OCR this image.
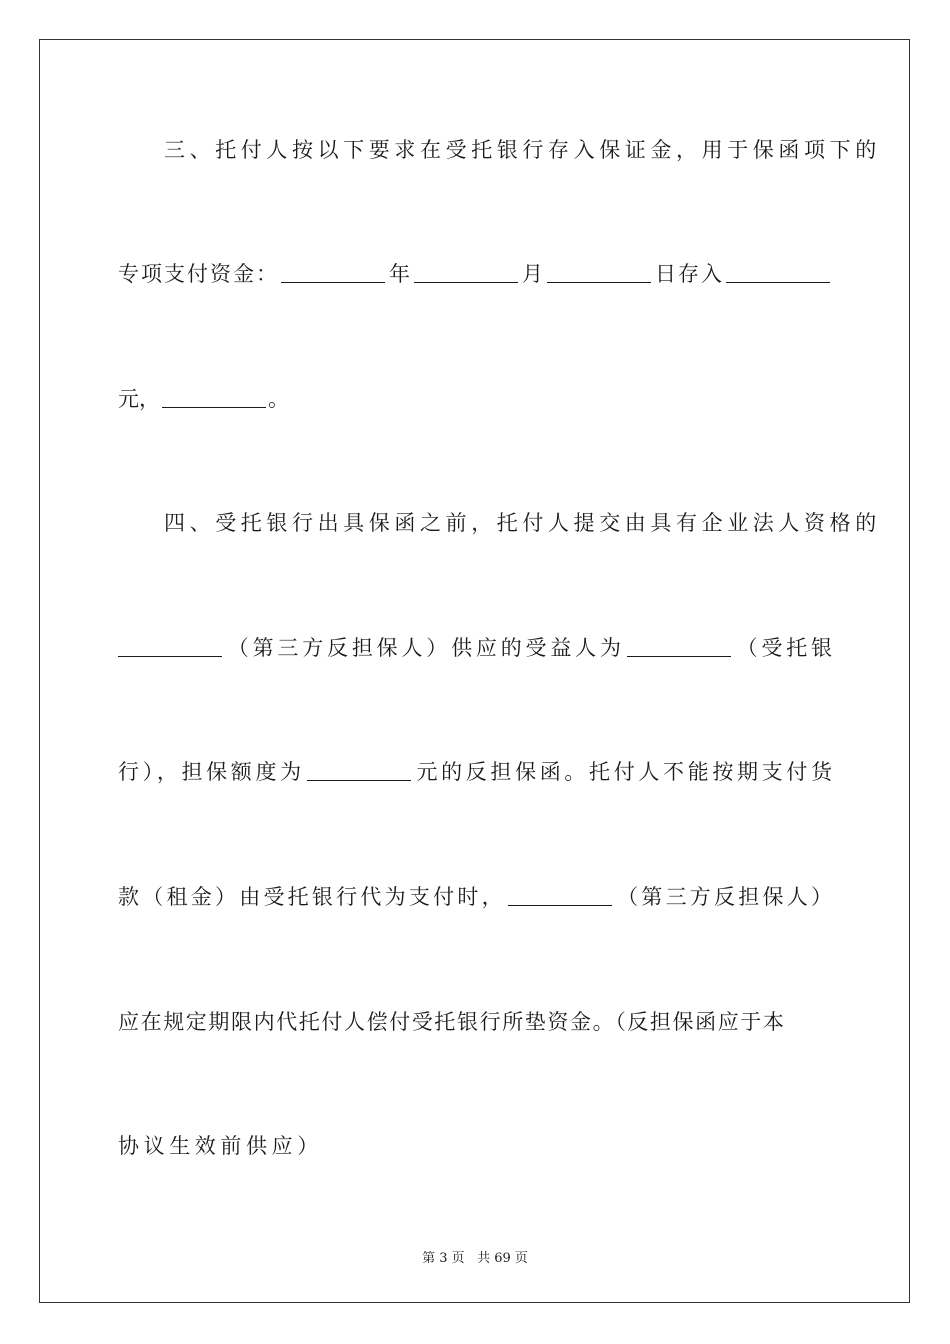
三、托付人按以下要求在受托银行存入保证金，用于保函项下的
专项支付资金：	年	月	日存入
元，	。
四、受托银行出具保函之前，托付人提交由具有企业法人资格的
（第三方反担保人）供应的受益人为	（受托银
行），担保额度为	元的反担保函。托付人不能按期支付货
款（租金）由受托银行代为支付时，	（第三方反担保人）
应在规定期限内代托付人偿付受托银行所垫资金。（反担保函应于本
协议生效前供应）
第 3 页 共 69 页
